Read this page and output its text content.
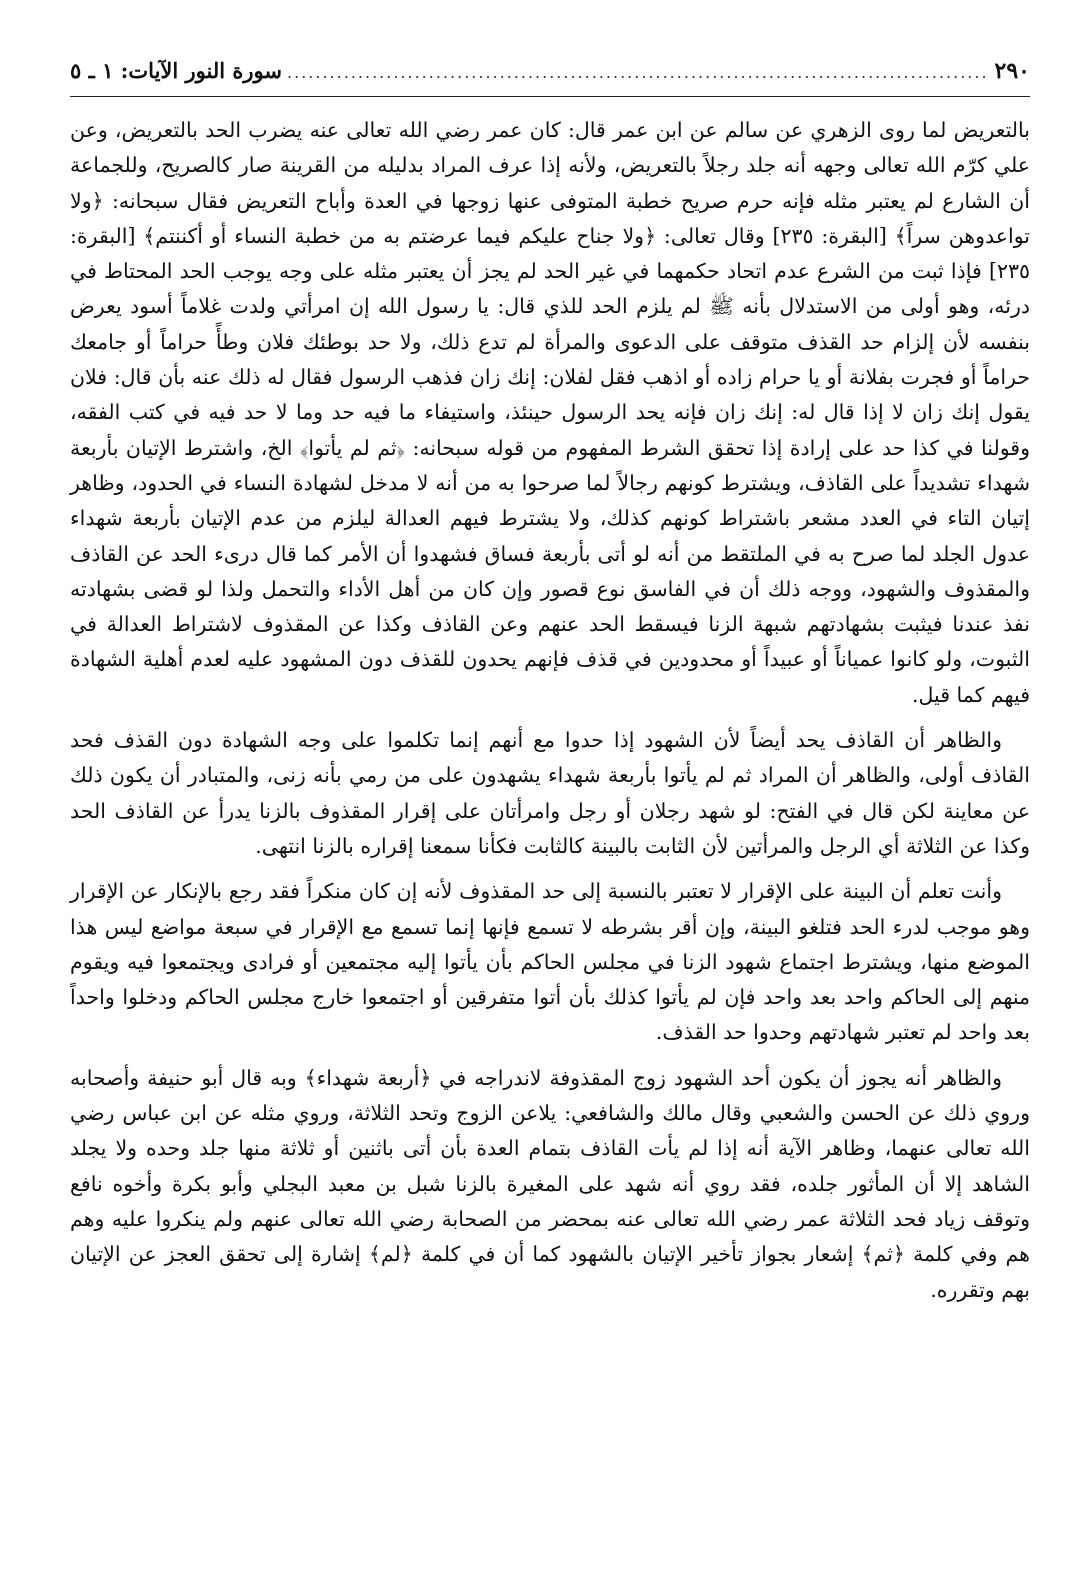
٢٩٠
.....
سورة النور الآيات: ١ ـ ٥

بالتعريض لما روى الزهري عن سالم عن ابن عمر قال: كان عمر رضي الله تعالى عنه يضرب الحد بالتعريض، وعن علي كرّم الله تعالى وجهه أنه جلد رجلاً بالتعريض، ولأنه إذا عرف المراد بدليله من القرينة صار كالصريح، وللجماعة أن الشارع لم يعتبر مثله فإنه حرم صريح خطبة المتوفى عنها زوجها في العدة وأباح التعريض فقال سبحانه: ﴿ولا تواعدوهن سراً﴾ [البقرة: ٢٣٥] وقال تعالى: ﴿ولا جناح عليكم فيما عرضتم به من خطبة النساء أو أكننتم﴾ [البقرة: ٢٣٥] فإذا ثبت من الشرع عدم اتحاد حكمهما في غير الحد لم يجز أن يعتبر مثله على وجه يوجب الحد المحتاط في درئه، وهو أولى من الاستدلال بأنه ﷺ لم يلزم الحد للذي قال: يا رسول الله إن امرأتي ولدت غلاماً أسود يعرض بنفسه لأن إلزام حد القذف متوقف على الدعوى والمرأة لم تدع ذلك، ولا حد بوطئك فلان وطأً حراماً أو جامعك حراماً أو فجرت بفلانة أو يا حرام زاده أو اذهب فقل لفلان: إنك زان فذهب الرسول فقال له ذلك عنه بأن قال: فلان يقول إنك زان لا إذا قال له: إنك زان فإنه يحد الرسول حينئذ، واستيفاء ما فيه حد وما لا حد فيه في كتب الفقه، وقولنا في كذا حد على إرادة إذا تحقق الشرط المفهوم من قوله سبحانه: ﴿ثم لم يأتوا﴾ الخ، واشترط الإتيان بأربعة شهداء تشديداً على القاذف، ويشترط كونهم رجالاً لما صرحوا به من أنه لا مدخل لشهادة النساء في الحدود، وظاهر إتيان التاء في العدد مشعر باشتراط كونهم كذلك، ولا يشترط فيهم العدالة ليلزم من عدم الإتيان بأربعة شهداء عدول الجلد لما صرح به في الملتقط من أنه لو أتى بأربعة فساق فشهدوا أن الأمر كما قال درىء الحد عن القاذف والمقذوف والشهود، ووجه ذلك أن في الفاسق نوع قصور وإن كان من أهل الأداء والتحمل ولذا لو قضى بشهادته نفذ عندنا فيثبت بشهادتهم شبهة الزنا فيسقط الحد عنهم وعن القاذف وكذا عن المقذوف لاشتراط العدالة في الثبوت، ولو كانوا عمياناً أو عبيداً أو محدودين في قذف فإنهم يحدون للقذف دون المشهود عليه لعدم أهلية الشهادة فيهم كما قيل.

والظاهر أن القاذف يحد أيضاً لأن الشهود إذا حدوا مع أنهم إنما تكلموا على وجه الشهادة دون القذف فحد القاذف أولى، والظاهر أن المراد ثم لم يأتوا بأربعة شهداء يشهدون على من رمي بأنه زنى، والمتبادر أن يكون ذلك عن معاينة لكن قال في الفتح: لو شهد رجلان أو رجل وامرأتان على إقرار المقذوف بالزنا يدرأ عن القاذف الحد وكذا عن الثلاثة أي الرجل والمرأتين لأن الثابت بالبينة كالثابت فكأنا سمعنا إقراره بالزنا انتهى.

وأنت تعلم أن البينة على الإقرار لا تعتبر بالنسبة إلى حد المقذوف لأنه إن كان منكراً فقد رجع بالإنكار عن الإقرار وهو موجب لدرء الحد فتلغو البينة، وإن أقر بشرطه لا تسمع فإنها إنما تسمع مع الإقرار في سبعة مواضع ليس هذا الموضع منها، ويشترط اجتماع شهود الزنا في مجلس الحاكم بأن يأتوا إليه مجتمعين أو فرادى ويجتمعوا فيه ويقوم منهم إلى الحاكم واحد بعد واحد فإن لم يأتوا كذلك بأن أتوا متفرقين أو اجتمعوا خارج مجلس الحاكم ودخلوا واحداً بعد واحد لم تعتبر شهادتهم وحدوا حد القذف.

والظاهر أنه يجوز أن يكون أحد الشهود زوج المقذوفة لاندراجه في ﴿أربعة شهداء﴾ وبه قال أبو حنيفة وأصحابه وروي ذلك عن الحسن والشعبي وقال مالك والشافعي: يلاعن الزوج وتحد الثلاثة، وروي مثله عن ابن عباس رضي الله تعالى عنهما، وظاهر الآية أنه إذا لم يأت القاذف بتمام العدة بأن أتى باثنين أو ثلاثة منها جلد وحده ولا يجلد الشاهد إلا أن المأثور جلده، فقد روي أنه شهد على المغيرة بالزنا شبل بن معبد البجلي وأبو بكرة وأخوه نافع وتوقف زياد فحد الثلاثة عمر رضي الله تعالى عنه بمحضر من الصحابة رضي الله تعالى عنهم ولم ينكروا عليه وهم هم وفي كلمة ﴿ثم﴾ إشعار بجواز تأخير الإتيان بالشهود كما أن في كلمة ﴿لم﴾ إشارة إلى تحقق العجز عن الإتيان بهم وتقرره.
